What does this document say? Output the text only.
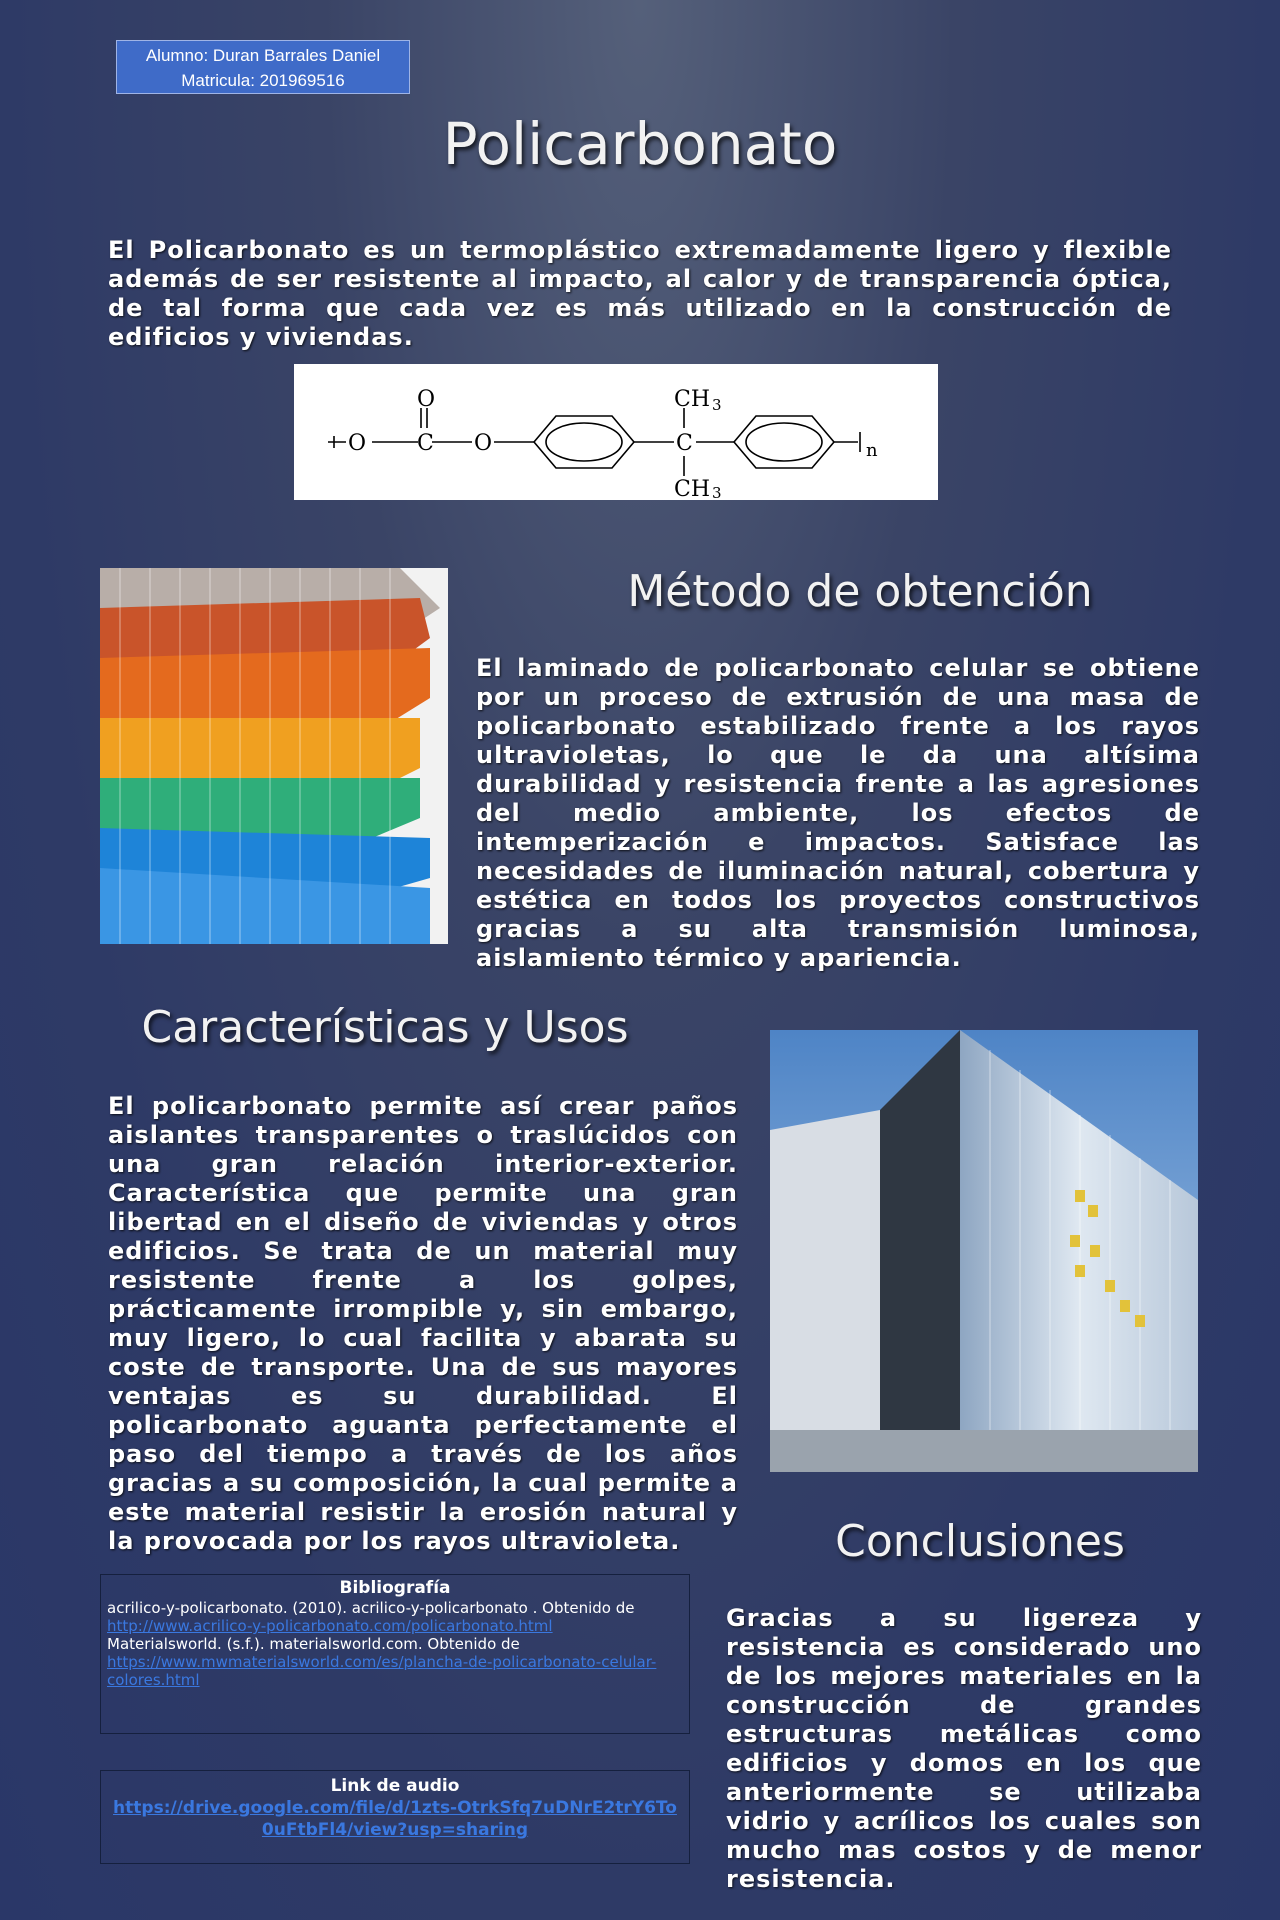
Alumno: Duran Barrales Daniel
Matricula: 201969516
Policarbonato

El Policarbonato es un termoplástico extremadamente ligero y flexible además de ser resistente al impacto, al calor y de transparencia óptica, de tal forma que cada vez es más utilizado en la construcción de edificios y viviendas.

O
O C O
CH 3
C
CH 3
n
Método de obtención

El laminado de policarbonato celular se obtiene por un proceso de extrusión de una masa de policarbonato estabilizado frente a los rayos ultravioletas, lo que le da una altísima durabilidad y resistencia frente a las agresiones del medio ambiente, los efectos de intemperización e impactos. Satisface las necesidades de iluminación natural, cobertura y estética en todos los proyectos constructivos gracias a su alta transmisión luminosa, aislamiento térmico y apariencia.

Características y Usos

El policarbonato permite así crear paños aislantes transparentes o traslúcidos con una gran relación interior-exterior. Característica que permite una gran libertad en el diseño de viviendas y otros edificios. Se trata de un material muy resistente frente a los golpes, prácticamente irrompible y, sin embargo, muy ligero, lo cual facilita y abarata su coste de transporte. Una de sus mayores ventajas es su durabilidad. El policarbonato aguanta perfectamente el paso del tiempo a través de los años gracias a su composición, la cual permite a este material resistir la erosión natural y la provocada por los rayos ultravioleta.	Conclusiones

Gracias a su ligereza y resistencia es considerado uno de los mejores materiales en la construcción de grandes estructuras metálicas como edificios y domos en los que anteriormente se utilizaba vidrio y acrílicos los cuales son mucho mas costos y de menor resistencia.

Bibliografía
acrilico-y-policarbonato. (2010). acrilico-y-policarbonato . Obtenido de http://www.acrilico-y-policarbonato.com/policarbonato.html
Materialsworld. (s.f.). materialsworld.com. Obtenido de https://www.mwmaterialsworld.com/es/plancha-de-policarbonato-celular-colores.html
Link de audio
https://drive.google.com/file/d/1zts-OtrkSfq7uDNrE2trY6To0uFtbFl4/view?usp=sharing
